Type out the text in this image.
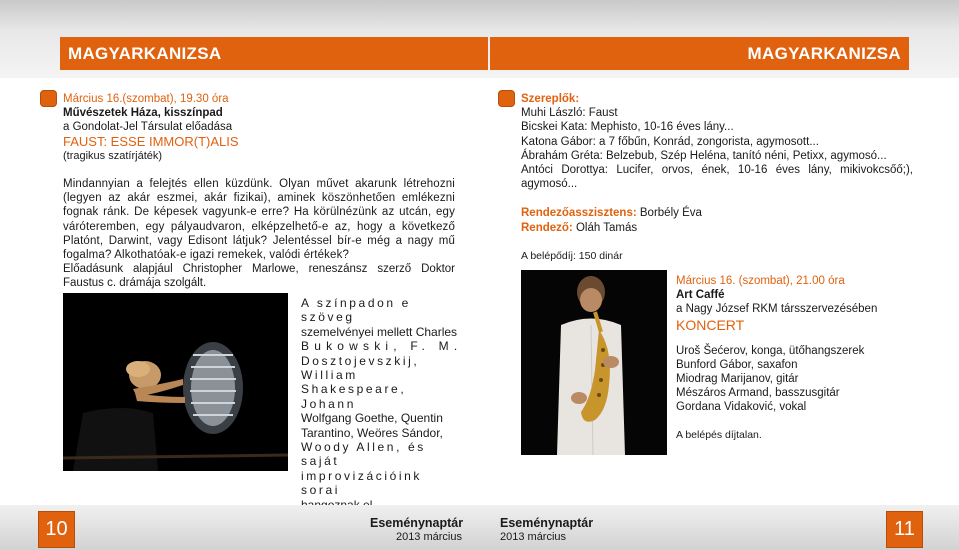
MAGYARKANIZSA	MAGYARKANIZSA

Március 16.(szombat), 19.30 óra

Művészetek Háza, kisszínpad

a Gondolat-Jel Társulat előadása

FAUST: ESSE IMMOR(T)ALIS

(tragikus szatírjáték)

Mindannyian a felejtés ellen küzdünk. Olyan művet akarunk létrehozni (legyen az akár eszmei, akár fizikai), aminek köszönhetően emlékezni fognak ránk. De képesek vagyunk-e erre? Ha körülnézünk az utcán, egy váróteremben, egy pályaudvaron, elképzelhető-e az, hogy a következő Platónt, Darwint, vagy Edisont látjuk? Jelentéssel bír-e még a nagy mű fogalma? Alkothatóak-e igazi remekek, valódi értékek?

Előadásunk alapjául Christopher Marlowe, reneszánsz szerző Doktor Faustus c. drámája szolgált.

A színpadon e szöveg

szemelvényei mellett Charles

Bukowski, F. M.

Dosztojevszkij, William

Shakespeare, Johann

Wolfgang Goethe, Quentin

Tarantino, Weöres Sándor,

Woody Allen, és saját

improvizációink sorai

Szereplők:

Muhi László: Faust

Bicskei Kata: Mephisto, 10-16 éves lány...

Katona Gábor: a 7 főbűn, Konrád, zongorista, agymosott...

Ábrahám Gréta: Belzebub, Szép Heléna, tanító néni, Petixx, agymosó...

Antóci Dorottya: Lucifer, orvos, ének, 10-16 éves lány, mikivokcsőő;), agymosó...

Rendezőasszisztens: Borbély Éva

Rendező: Oláh Tamás

A belépődíj: 150 dinár

Március 16. (szombat), 21.00 óra

Art Caffé

a Nagy József RKM társszervezésében

KONCERT

Uroš Šećerov, konga, ütőhangszerek

Bunford Gábor, saxafon

Miodrag Marijanov, gitár

Mészáros Armand, basszusgitár

Gordana Vidaković, vokal

A belépés díjtalan.

10	11
Eseménynaptár
2013 március
Eseménynaptár
2013 március
